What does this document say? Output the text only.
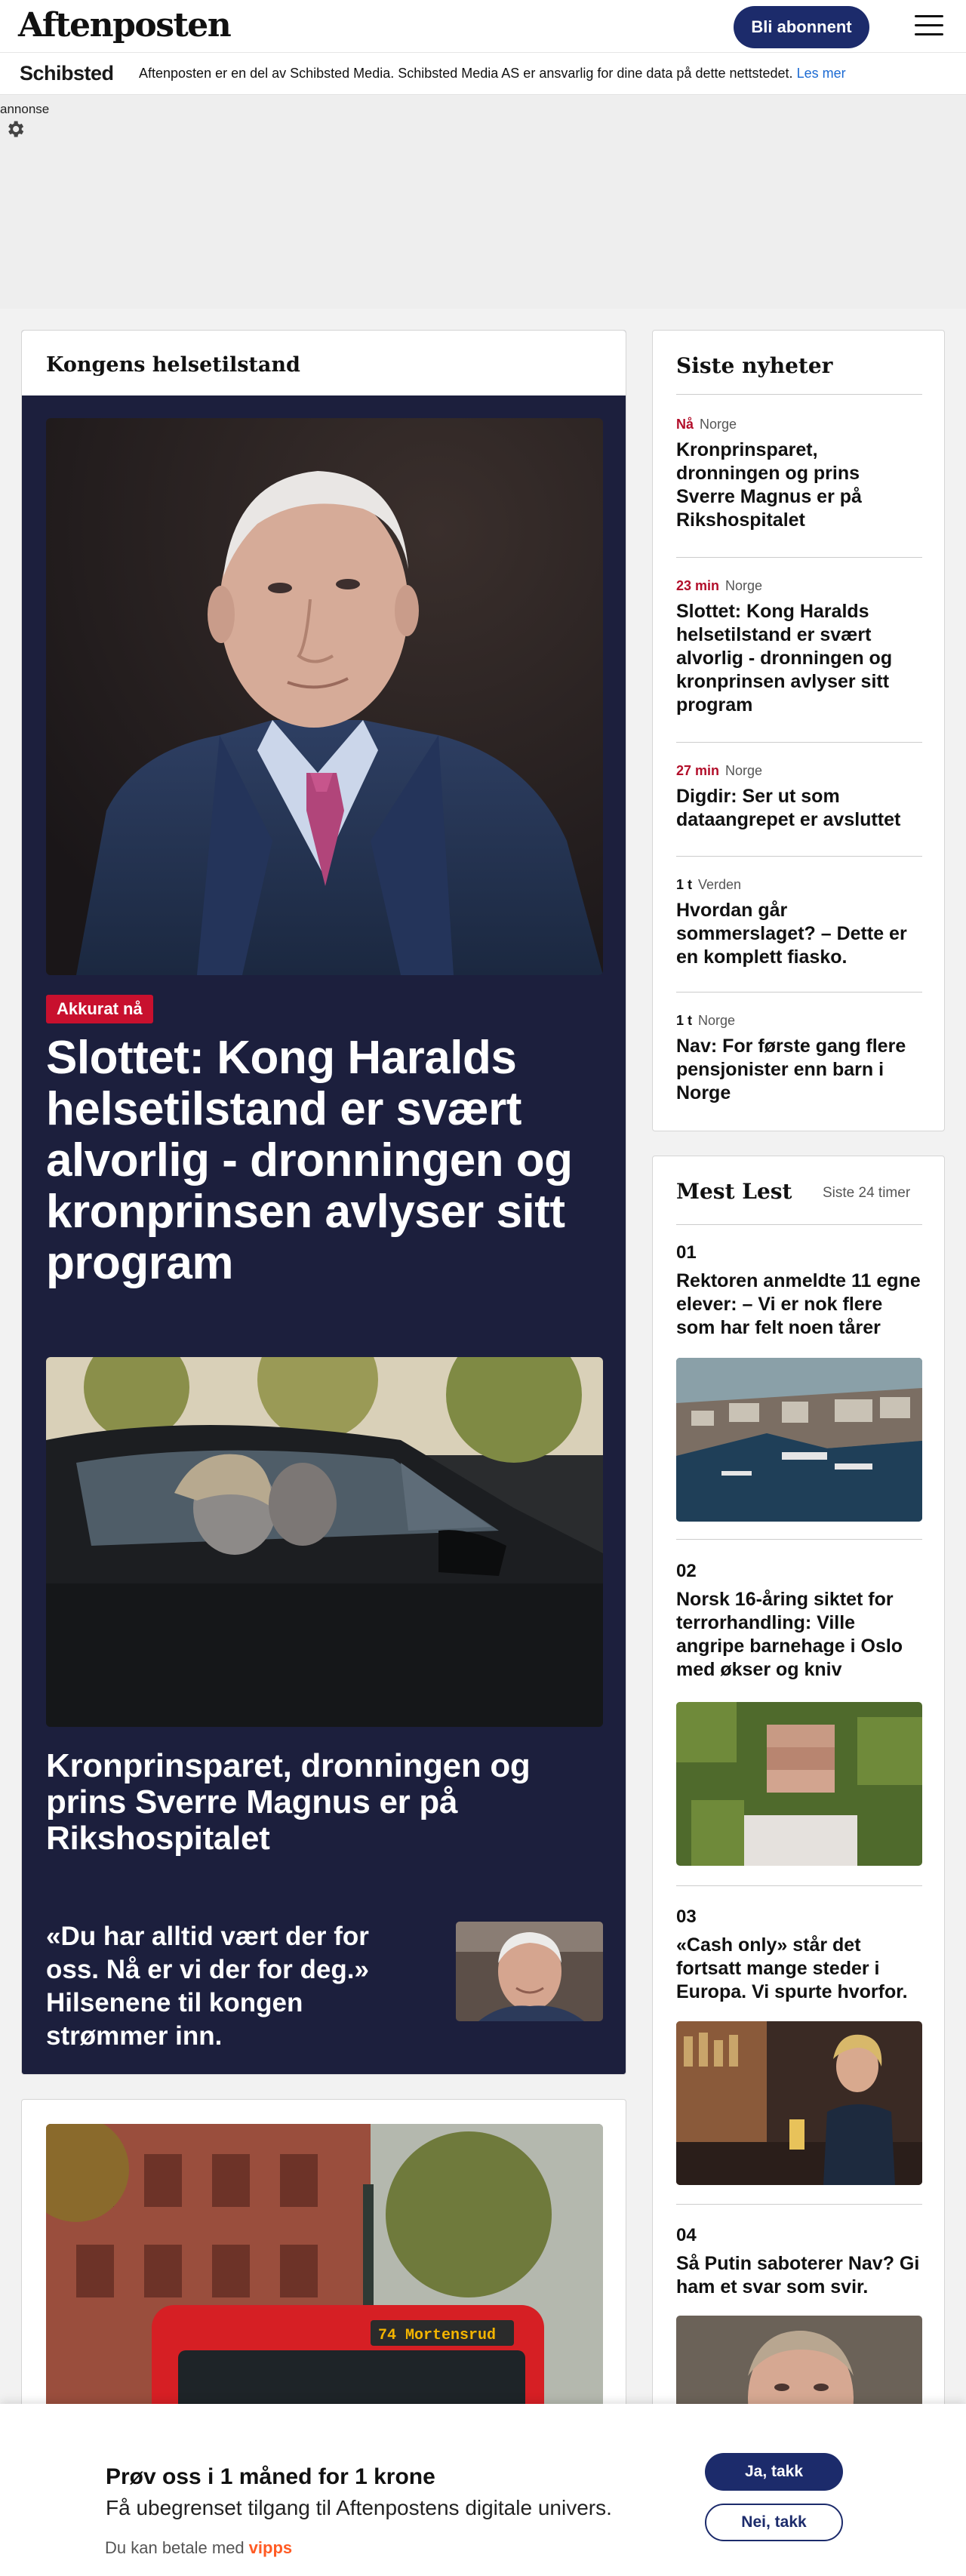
Aftenposten	Bli abonnent
Schibsted Aftenposten er en del av Schibsted Media. Schibsted Media AS er ansvarlig for dine data på dette nettstedet. Les mer
annonse
Kongens helsetilstand
Akkurat nå
Slottet: Kong Haralds helsetilstand er svært alvorlig - dronningen og kronprinsen avlyser sitt program
Kronprinsparet, dronningen og prins Sverre Magnus er på Rikshospitalet
«Du har alltid vært der for oss. Nå er vi der for deg.» Hilsenene til kongen strømmer inn.
74 Mortensrud
Siste nyheter
Nå Norge
Kronprinsparet, dronningen og prins Sverre Magnus er på Rikshospitalet
23 min Norge
Slottet: Kong Haralds helsetilstand er svært alvorlig - dronningen og kronprinsen avlyser sitt program
27 min Norge
Digdir: Ser ut som dataangrepet er avsluttet
1 t Verden
Hvordan går sommerslaget? – Dette er en komplett fiasko.
1 t Norge
Nav: For første gang flere pensjonister enn barn i Norge
Mest Lest Siste 24 timer
01
Rektoren anmeldte 11 egne elever: – Vi er nok flere som har felt noen tårer
02
Norsk 16-åring siktet for terrorhandling: Ville angripe barnehage i Oslo med økser og kniv
03
«Cash only» står det fortsatt mange steder i Europa. Vi spurte hvorfor.
04
Så Putin saboterer Nav? Gi ham et svar som svir.
Prøv oss i 1 måned for 1 krone
Få ubegrenset tilgang til Aftenpostens digitale univers.
Du kan betale med vipps
Ja, takk
Nei, takk
